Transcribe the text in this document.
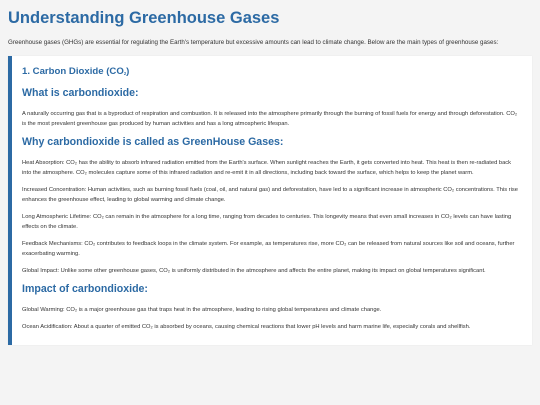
Understanding Greenhouse Gases

Greenhouse gases (GHGs) are essential for regulating the Earth's temperature but excessive amounts can lead to climate change. Below are the main types of greenhouse gases:

1. Carbon Dioxide (CO2)
What is carbondioxide:

A naturally occurring gas that is a byproduct of respiration and combustion. It is released into the atmosphere primarily through the burning of fossil fuels for energy and through deforestation. CO₂ is the most prevalent greenhouse gas produced by human activities and has a long atmospheric lifespan.

Why carbondioxide is called as GreenHouse Gases:

Heat Absorption: CO₂ has the ability to absorb infrared radiation emitted from the Earth's surface. When sunlight reaches the Earth, it gets converted into heat. This heat is then re-radiated back into the atmosphere. CO₂ molecules capture some of this infrared radiation and re-emit it in all directions, including back toward the surface, which helps to keep the planet warm.

Increased Concentration: Human activities, such as burning fossil fuels (coal, oil, and natural gas) and deforestation, have led to a significant increase in atmospheric CO₂ concentrations. This rise enhances the greenhouse effect, leading to global warming and climate change.

Long Atmospheric Lifetime: CO₂ can remain in the atmosphere for a long time, ranging from decades to centuries. This longevity means that even small increases in CO₂ levels can have lasting effects on the climate.

Feedback Mechanisms: CO₂ contributes to feedback loops in the climate system. For example, as temperatures rise, more CO₂ can be released from natural sources like soil and oceans, further exacerbating warming.

Global Impact: Unlike some other greenhouse gases, CO₂ is uniformly distributed in the atmosphere and affects the entire planet, making its impact on global temperatures significant.

Impact of carbondioxide:

Global Warming: CO₂ is a major greenhouse gas that traps heat in the atmosphere, leading to rising global temperatures and climate change.

Ocean Acidification: About a quarter of emitted CO₂ is absorbed by oceans, causing chemical reactions that lower pH levels and harm marine life, especially corals and shellfish.
